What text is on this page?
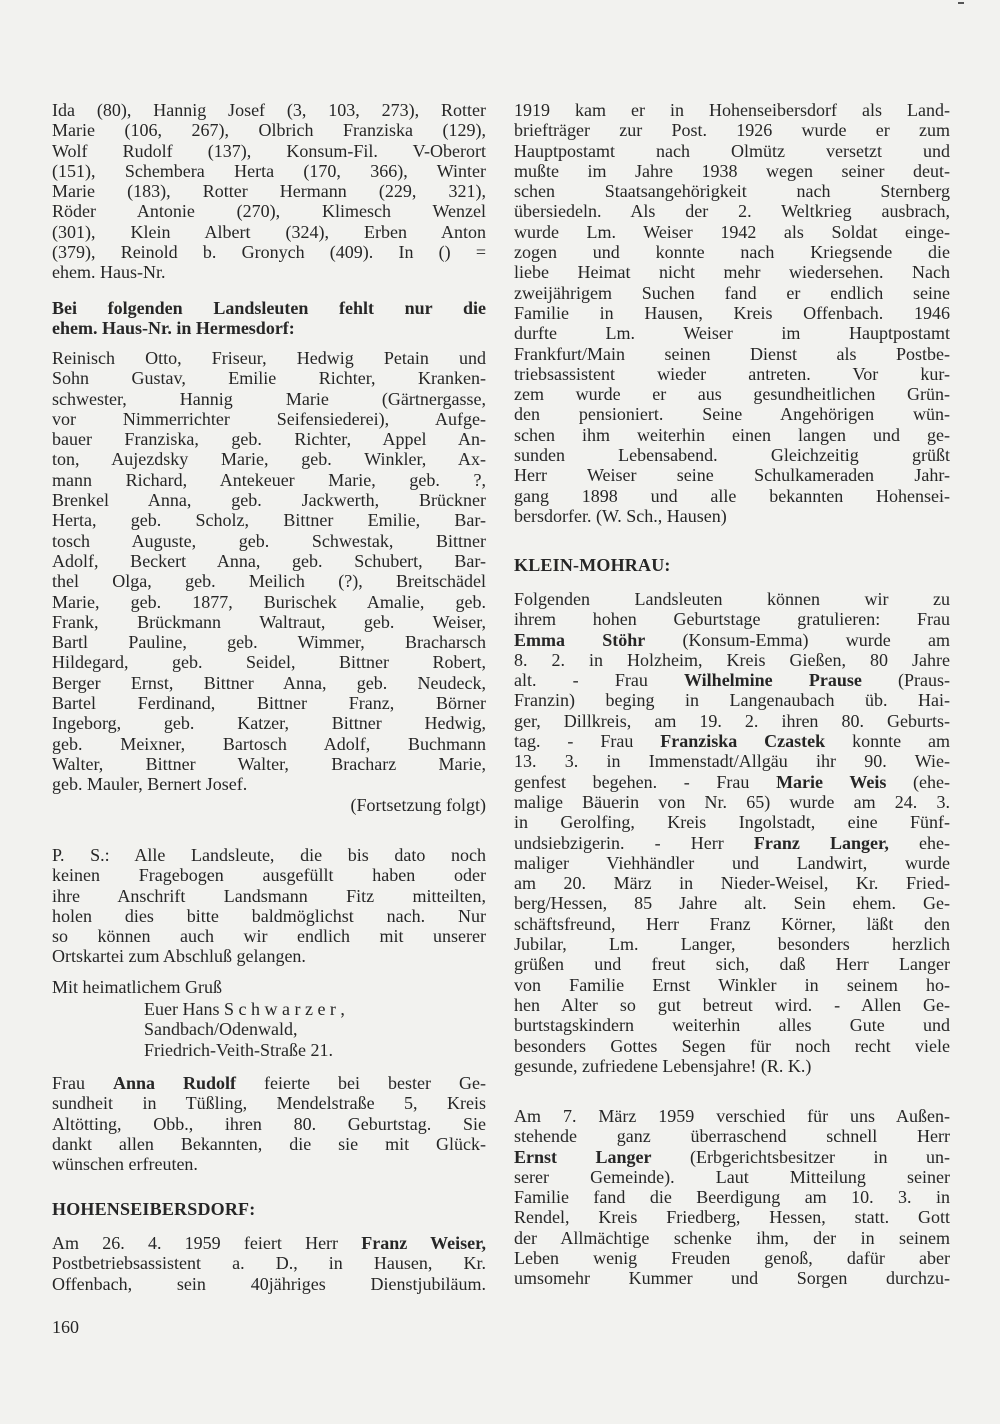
Ida (80), Hannig Josef (3, 103, 273), Rotter
Marie (106, 267), Olbrich Franziska (129),
Wolf Rudolf (137), Konsum-Fil. V-Oberort
(151), Schembera Herta (170, 366), Winter
Marie (183), Rotter Hermann (229, 321),
Röder Antonie (270), Klimesch Wenzel
(301), Klein Albert (324), Erben Anton
(379), Reinold b. Gronych (409). In () =
ehem. Haus-Nr.
Bei folgenden Landsleuten fehlt nur die
ehem. Haus-Nr. in Hermesdorf:
Reinisch Otto, Friseur, Hedwig Petain und
Sohn Gustav, Emilie Richter, Kranken-
schwester, Hannig Marie (Gärtnergasse,
vor Nimmerrichter Seifensiederei), Aufge-
bauer Franziska, geb. Richter, Appel An-
ton, Aujezdsky Marie, geb. Winkler, Ax-
mann Richard, Antekeuer Marie, geb. ?,
Brenkel Anna, geb. Jackwerth, Brückner
Herta, geb. Scholz, Bittner Emilie, Bar-
tosch Auguste, geb. Schwestak, Bittner
Adolf, Beckert Anna, geb. Schubert, Bar-
thel Olga, geb. Meilich (?), Breitschädel
Marie, geb. 1877, Burischek Amalie, geb.
Frank, Brückmann Waltraut, geb. Weiser,
Bartl Pauline, geb. Wimmer, Bracharsch
Hildegard, geb. Seidel, Bittner Robert,
Berger Ernst, Bittner Anna, geb. Neudeck,
Bartel Ferdinand, Bittner Franz, Börner
Ingeborg, geb. Katzer, Bittner Hedwig,
geb. Meixner, Bartosch Adolf, Buchmann
Walter, Bittner Walter, Bracharz Marie,
geb. Mauler, Bernert Josef.
(Fortsetzung folgt)
P. S.: Alle Landsleute, die bis dato noch
keinen Fragebogen ausgefüllt haben oder
ihre Anschrift Landsmann Fitz mitteilten,
holen dies bitte baldmöglichst nach. Nur
so können auch wir endlich mit unserer
Ortskartei zum Abschluß gelangen.
Mit heimatlichem Gruß
Euer Hans S c h w a r z e r ,
Sandbach/Odenwald,
Friedrich-Veith-Straße 21.
Frau Anna Rudolf feierte bei bester Ge-
sundheit in Tüßling, Mendelstraße 5, Kreis
Altötting, Obb., ihren 80. Geburtstag. Sie
dankt allen Bekannten, die sie mit Glück-
wünschen erfreuten.
HOHENSEIBERSDORF:
Am 26. 4. 1959 feiert Herr Franz Weiser,
Postbetriebsassistent a. D., in Hausen, Kr.
Offenbach, sein 40jähriges Dienstjubiläum.
160
1919 kam er in Hohenseibersdorf als Land-
briefträger zur Post. 1926 wurde er zum
Hauptpostamt nach Olmütz versetzt und
mußte im Jahre 1938 wegen seiner deut-
schen Staatsangehörigkeit nach Sternberg
übersiedeln. Als der 2. Weltkrieg ausbrach,
wurde Lm. Weiser 1942 als Soldat einge-
zogen und konnte nach Kriegsende die
liebe Heimat nicht mehr wiedersehen. Nach
zweijährigem Suchen fand er endlich seine
Familie in Hausen, Kreis Offenbach. 1946
durfte Lm. Weiser im Hauptpostamt
Frankfurt/Main seinen Dienst als Postbe-
triebsassistent wieder antreten. Vor kur-
zem wurde er aus gesundheitlichen Grün-
den pensioniert. Seine Angehörigen wün-
schen ihm weiterhin einen langen und ge-
sunden Lebensabend. Gleichzeitig grüßt
Herr Weiser seine Schulkameraden Jahr-
gang 1898 und alle bekannten Hohensei-
bersdorfer. (W. Sch., Hausen)
KLEIN-MOHRAU:
Folgenden Landsleuten können wir zu
ihrem hohen Geburtstage gratulieren: Frau
Emma Stöhr (Konsum-Emma) wurde am
8. 2. in Holzheim, Kreis Gießen, 80 Jahre
alt. - Frau Wilhelmine Prause (Praus-
Franzin) beging in Langenaubach üb. Hai-
ger, Dillkreis, am 19. 2. ihren 80. Geburts-
tag. - Frau Franziska Czastek konnte am
13. 3. in Immenstadt/Allgäu ihr 90. Wie-
genfest begehen. - Frau Marie Weis (ehe-
malige Bäuerin von Nr. 65) wurde am 24. 3.
in Gerolfing, Kreis Ingolstadt, eine Fünf-
undsiebzigerin. - Herr Franz Langer, ehe-
maliger Viehhändler und Landwirt, wurde
am 20. März in Nieder-Weisel, Kr. Fried-
berg/Hessen, 85 Jahre alt. Sein ehem. Ge-
schäftsfreund, Herr Franz Körner, läßt den
Jubilar, Lm. Langer, besonders herzlich
grüßen und freut sich, daß Herr Langer
von Familie Ernst Winkler in seinem ho-
hen Alter so gut betreut wird. - Allen Ge-
burtstagskindern weiterhin alles Gute und
besonders Gottes Segen für noch recht viele
gesunde, zufriedene Lebensjahre! (R. K.)
Am 7. März 1959 verschied für uns Außen-
stehende ganz überraschend schnell Herr
Ernst Langer (Erbgerichtsbesitzer in un-
serer Gemeinde). Laut Mitteilung seiner
Familie fand die Beerdigung am 10. 3. in
Rendel, Kreis Friedberg, Hessen, statt. Gott
der Allmächtige schenke ihm, der in seinem
Leben wenig Freuden genoß, dafür aber
umsomehr Kummer und Sorgen durchzu-
